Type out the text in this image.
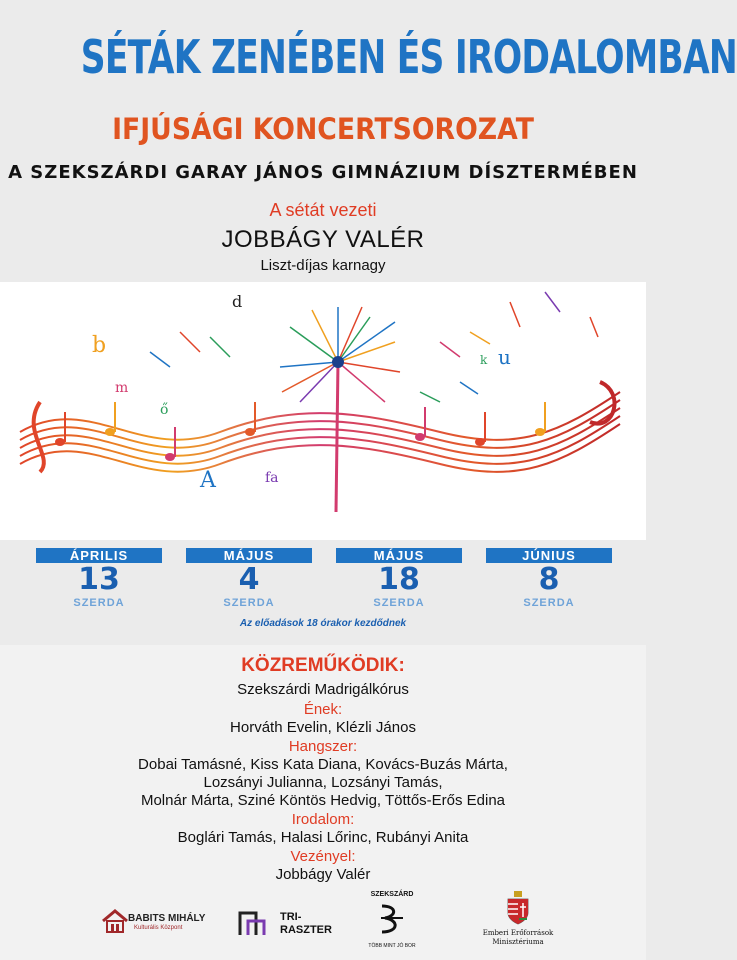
SÉTÁK ZENÉBEN ÉS IRODALOMBAN
IFJÚSÁGI KONCERTSOROZAT
A SZEKSZÁRDI GARAY JÁNOS GIMNÁZIUM DÍSZTERMÉBEN
A sétát vezeti
JOBBÁGY VALÉR
Liszt-díjas karnagy
d
b
m
ő
A	fa
u
k
ÁPRILIS
13
SZERDA
MÁJUS
4
SZERDA
MÁJUS
18
SZERDA
JÚNIUS
8
SZERDA
Az előadások 18 órakor kezdődnek
KÖZREMŰKÖDIK:
Szekszárdi Madrigálkórus
Ének:
Horváth Evelin, Klézli János
Hangszer:
Dobai Tamásné, Kiss Kata Diana, Kovács-Buzás Márta,
Lozsányi Julianna, Lozsányi Tamás,
Molnár Márta, Sziné Köntös Hedvig, Töttős-Erős Edina
Irodalom:
Boglári Tamás, Halasi Lőrinc, Rubányi Anita
Vezényel:
Jobbágy Valér
BABITS MIHÁLY
Kulturális Központ
TRI-
RASZTER
SZEKSZÁRD
TÖBB MINT JÓ BOR
Emberi Erőforrások
Minisztériuma
